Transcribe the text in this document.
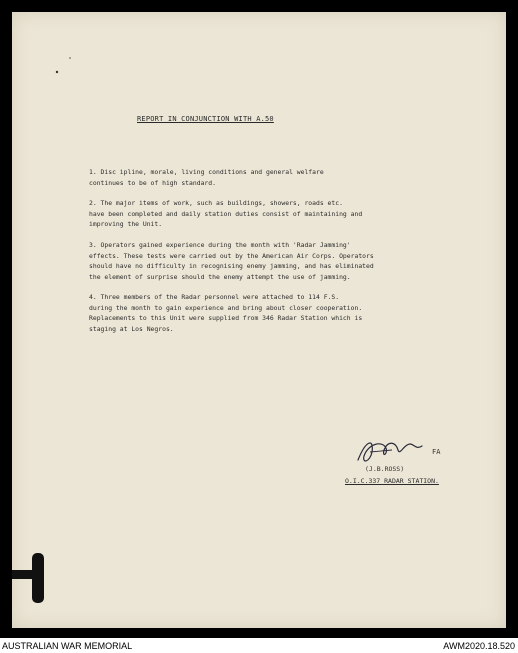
REPORT IN CONJUNCTION WITH A.50
1. Disc ipline, morale, living conditions and general welfare
continues to be of high standard.
2. The major items of work, such as buildings, showers, roads etc.
have been completed and daily station duties consist of maintaining and
improving the Unit.
3. Operators gained experience during the month with 'Radar Jamming'
effects. These tests were carried out by the American Air Corps. Operators
should have no difficulty in recognising enemy jamming, and has eliminated
the element of surprise should the enemy attempt the use of jamming.
4. Three members of the Radar personnel were attached to 114 F.S.
during the month to gain experience and bring about closer cooperation.
Replacements to this Unit were supplied from 346 Radar Station which is
staging at Los Negros.
FA
(J.B.ROSS)
O.I.C.337 RADAR STATION.
AUSTRALIAN WAR MEMORIAL	AWM2020.18.520
